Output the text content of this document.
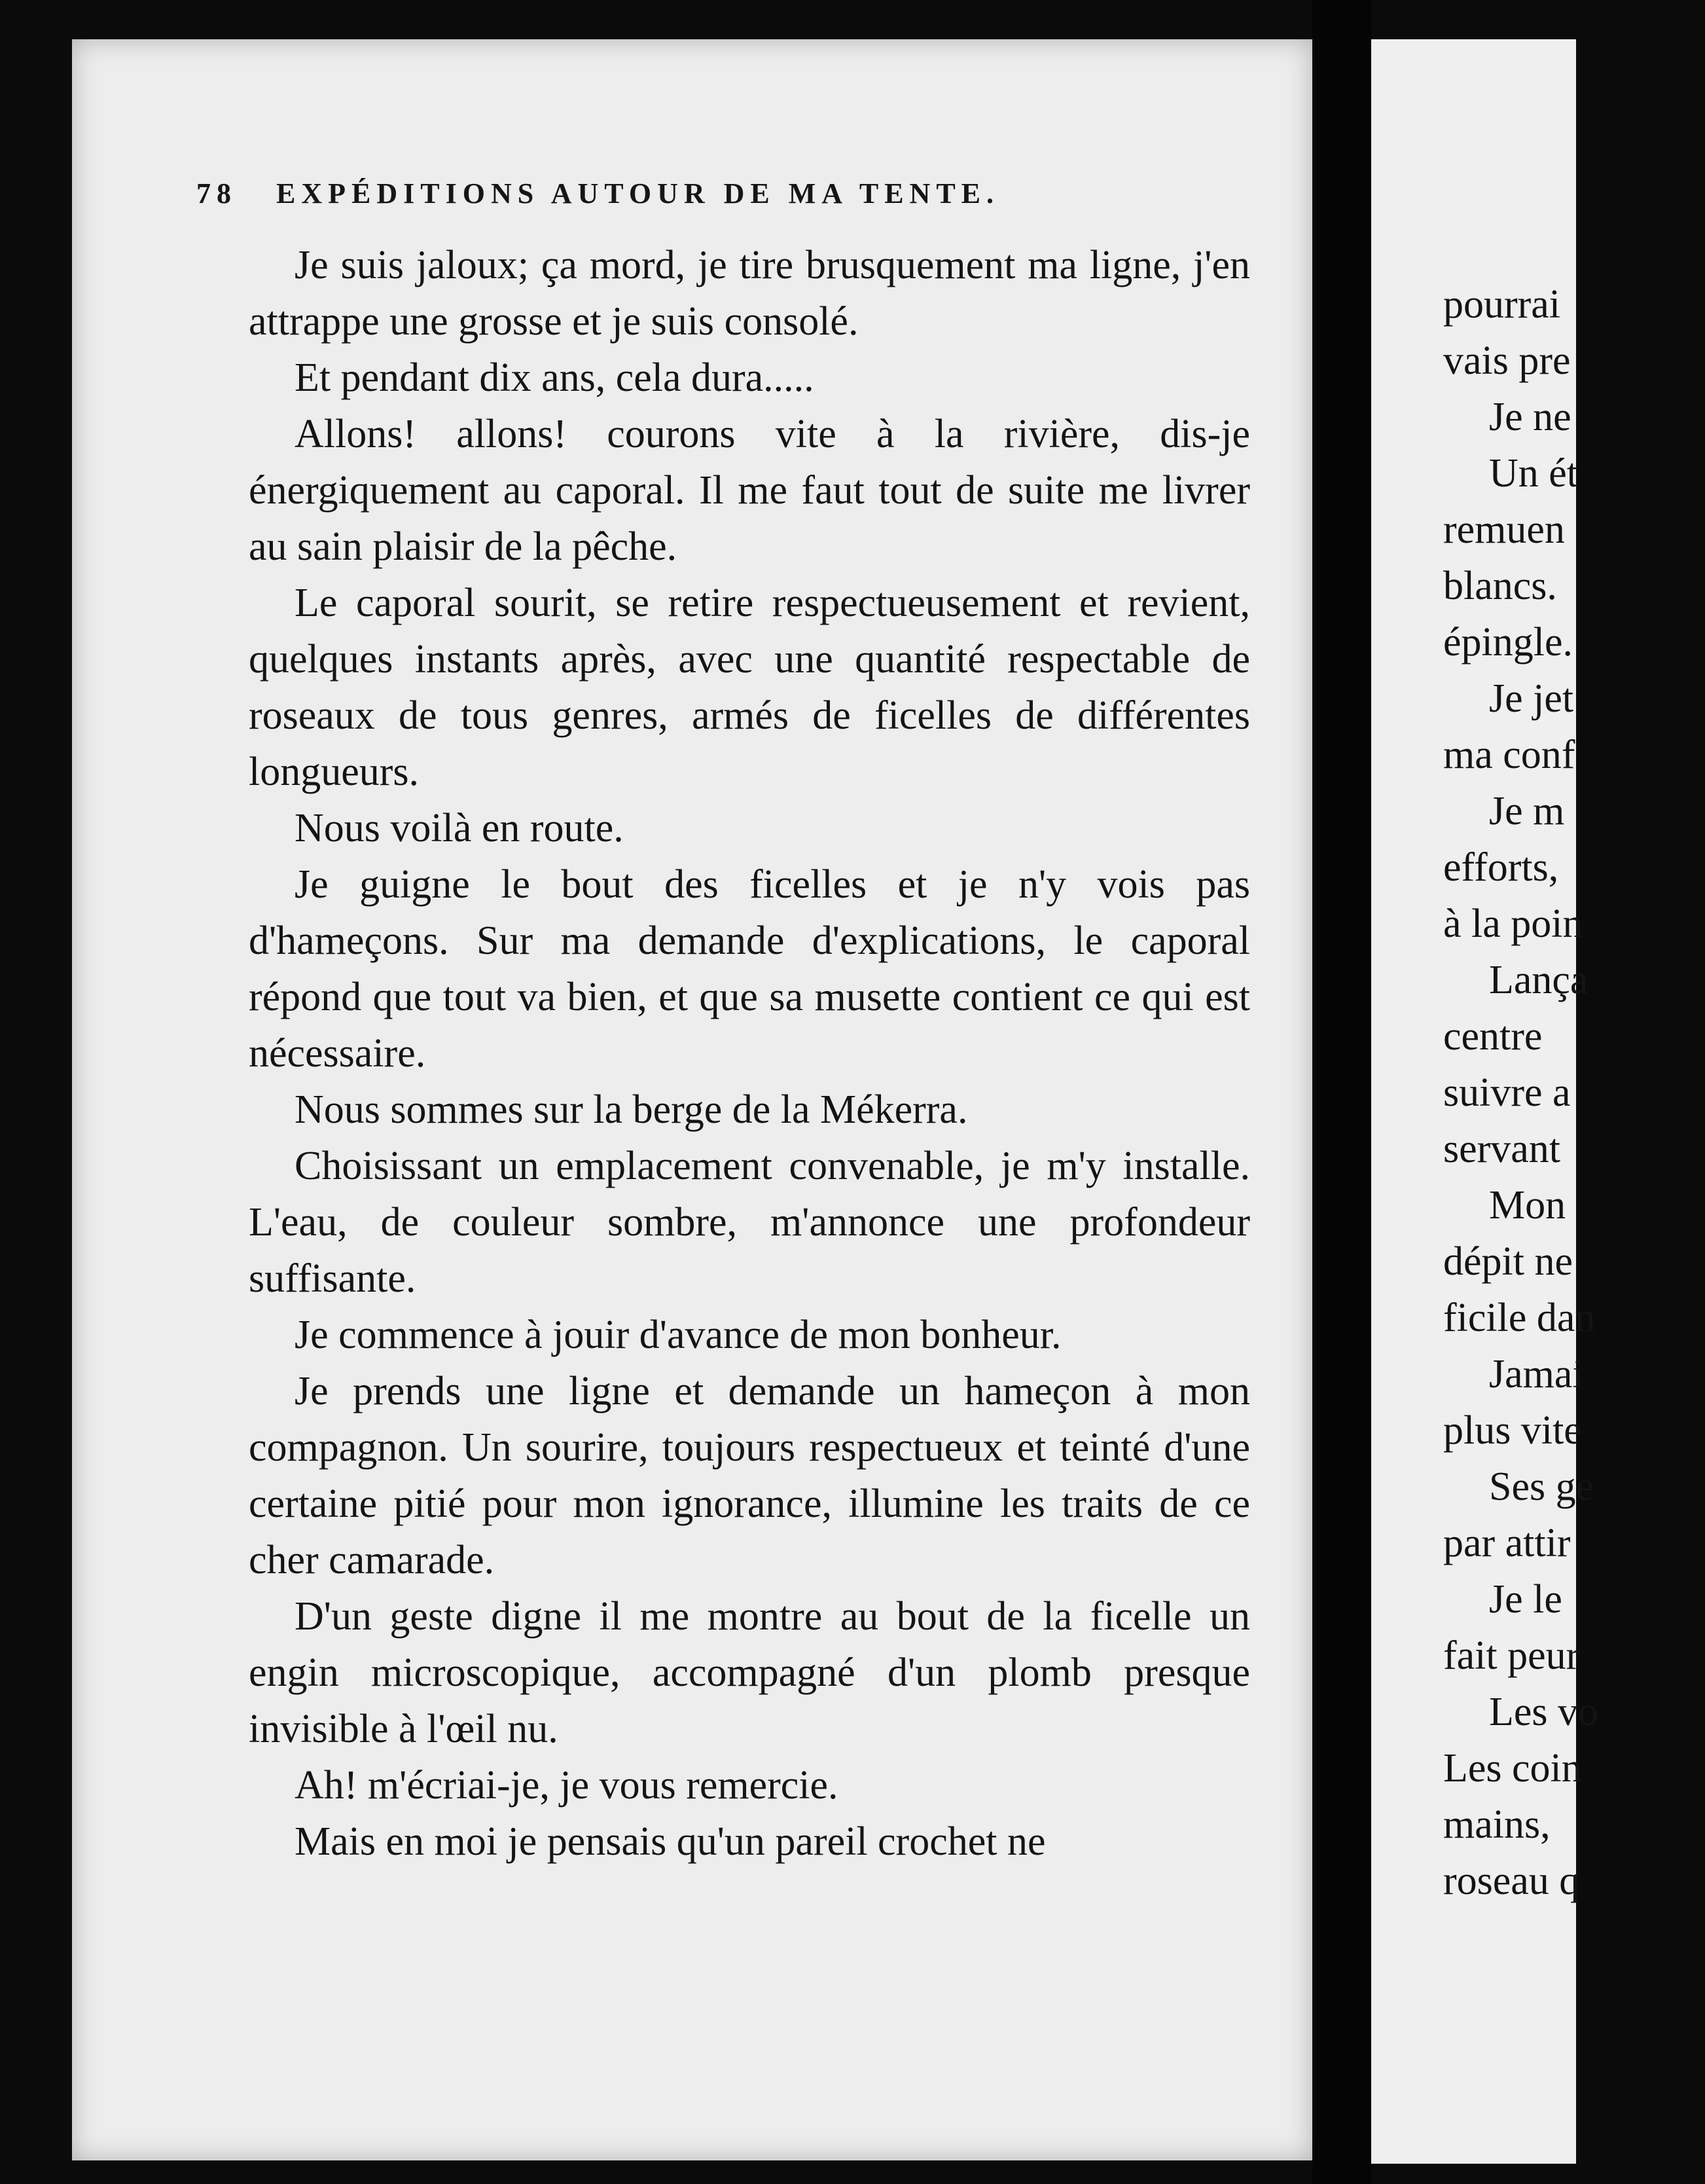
pourrai
vais pre
Je ne
Un ét
remuen
blancs.
épingle.
Je jet
ma conf
Je m
efforts,
à la poin
Lança
centre
suivre a
servant
Mon
dépit ne
ficile dan
Jamai
plus vite
Ses ge
par attir
Je le
fait peur
Les vo
Les coin
mains,
roseau q
78 EXPÉDITIONS AUTOUR DE MA TENTE.

Je suis jaloux; ça mord, je tire brusquement ma ligne, j'en attrappe une grosse et je suis consolé.

Et pendant dix ans, cela dura.....

Allons! allons! courons vite à la rivière, dis-je énergiquement au caporal. Il me faut tout de suite me livrer au sain plaisir de la pêche.

Le caporal sourit, se retire respectueusement et revient, quelques instants après, avec une quantité respectable de roseaux de tous genres, armés de ficelles de différentes longueurs.

Nous voilà en route.

Je guigne le bout des ficelles et je n'y vois pas d'hameçons. Sur ma demande d'explications, le caporal répond que tout va bien, et que sa musette contient ce qui est nécessaire.

Nous sommes sur la berge de la Mékerra.

Choisissant un emplacement convenable, je m'y installe. L'eau, de couleur sombre, m'annonce une profondeur suffisante.

Je commence à jouir d'avance de mon bonheur.

Je prends une ligne et demande un hameçon à mon compagnon. Un sourire, toujours respectueux et teinté d'une certaine pitié pour mon ignorance, illumine les traits de ce cher camarade.

D'un geste digne il me montre au bout de la ficelle un engin microscopique, accompagné d'un plomb presque invisible à l'œil nu.

Ah! m'écriai-je, je vous remercie.

Mais en moi je pensais qu'un pareil crochet ne
